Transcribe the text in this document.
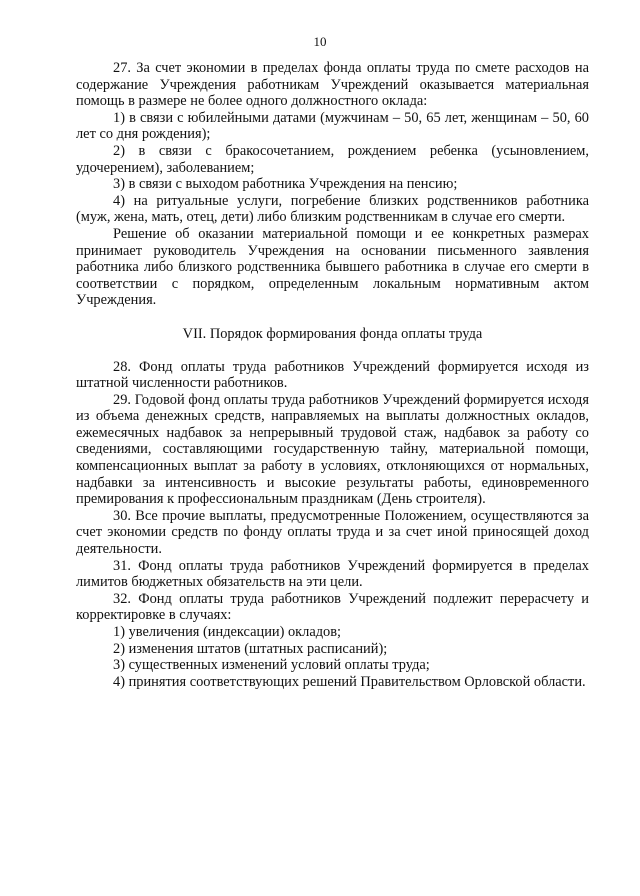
10

27. За счет экономии в пределах фонда оплаты труда по смете расходов на содержание Учреждения работникам Учреждений оказывается материальная помощь в размере не более одного должностного оклада:

1) в связи с юбилейными датами (мужчинам – 50, 65 лет, женщинам – 50, 60 лет со дня рождения);

2) в связи с бракосочетанием, рождением ребенка (усыновлением, удочерением), заболеванием;

3) в связи с выходом работника Учреждения на пенсию;

4) на ритуальные услуги, погребение близких родственников работника (муж, жена, мать, отец, дети) либо близким родственникам в случае его смерти.

Решение об оказании материальной помощи и ее конкретных размерах принимает руководитель Учреждения на основании письменного заявления работника либо близкого родственника бывшего работника в случае его смерти в соответствии с порядком, определенным локальным нормативным актом Учреждения.

VII. Порядок формирования фонда оплаты труда

28. Фонд оплаты труда работников Учреждений формируется исходя из штатной численности работников.

29. Годовой фонд оплаты труда работников Учреждений формируется исходя из объема денежных средств, направляемых на выплаты должностных окладов, ежемесячных надбавок за непрерывный трудовой стаж, надбавок за работу со сведениями, составляющими государственную тайну, материальной помощи, компенсационных выплат за работу в условиях, отклоняющихся от нормальных, надбавки за интенсивность и высокие результаты работы, единовременного премирования к профессиональным праздникам (День строителя).

30. Все прочие выплаты, предусмотренные Положением, осуществляются за счет экономии средств по фонду оплаты труда и за счет иной приносящей доход деятельности.

31. Фонд оплаты труда работников Учреждений формируется в пределах лимитов бюджетных обязательств на эти цели.

32. Фонд оплаты труда работников Учреждений подлежит перерасчету и корректировке в случаях:

1) увеличения (индексации) окладов;

2) изменения штатов (штатных расписаний);

3) существенных изменений условий оплаты труда;

4) принятия соответствующих решений Правительством Орловской области.
